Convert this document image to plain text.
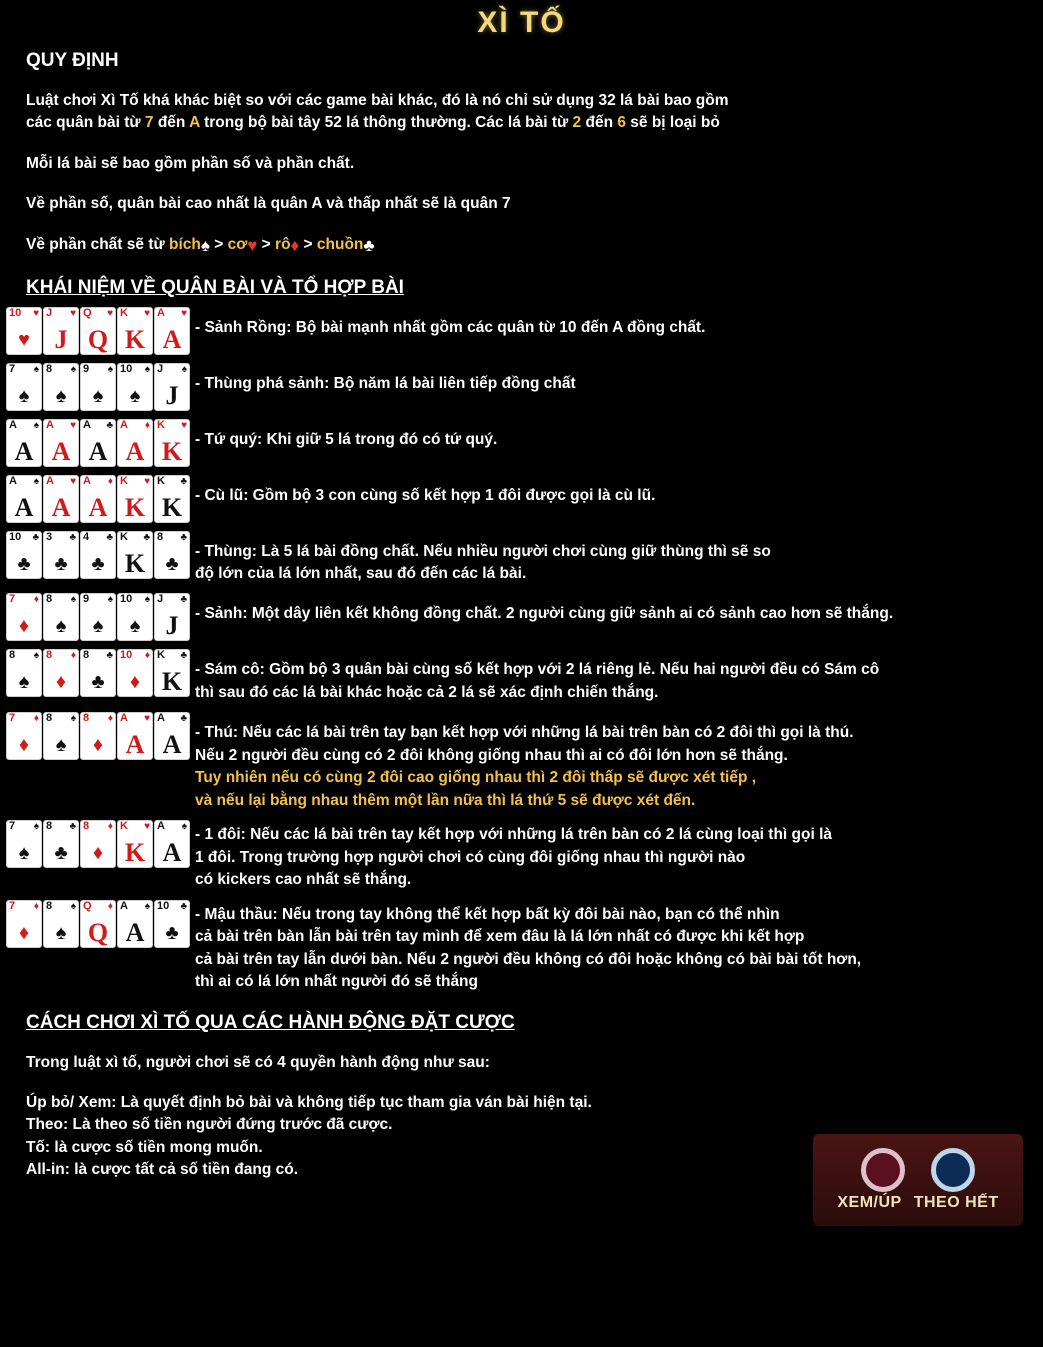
XÌ TỐ
QUY ĐỊNH
Luật chơi Xì Tố khá khác biệt so với các game bài khác, đó là nó chỉ sử dụng 32 lá bài bao gồm
các quân bài từ 7 đến A trong bộ bài tây 52 lá thông thường. Các lá bài từ 2 đến 6 sẽ bị loại bỏ
Mỗi lá bài sẽ bao gồm phần số và phần chất.
Về phần số, quân bài cao nhất là quân A và thấp nhất sẽ là quân 7
Về phần chất sẽ từ bích♠ > cơ♥ > rô♦ > chuồn♣
KHÁI NIỆM VỀ QUÂN BÀI VÀ TỔ HỢP BÀI
10 ♥
♥
J ♥
J
Q ♥
Q
K ♥
K
A ♥
A - Sảnh Rồng: Bộ bài mạnh nhất gồm các quân từ 10 đến A đồng chất.
7 ♠
♠
8 ♠
♠
9 ♠
♠
10 ♠
♠
J ♠
J	- Thùng phá sảnh: Bộ năm lá bài liên tiếp đồng chất
A ♠
A
A ♥
A
A ♣
A
A ♦
A
K ♥
K - Tứ quý: Khi giữ 5 lá trong đó có tứ quý.
A ♠
A
A ♥
A
A ♦
A
K ♥
K
K ♣
K - Cù lũ: Gồm bộ 3 con cùng số kết hợp 1 đôi được gọi là cù lũ.
10 ♣
♣
3 ♣
♣
4 ♣
♣
K ♣
K
8 ♣
♣
- Thùng: Là 5 lá bài đồng chất. Nếu nhiều người chơi cùng giữ thùng thì sẽ so
độ lớn của lá lớn nhất, sau đó đến các lá bài.
7 ♦
♦
8 ♠
♠
9 ♠
♠
10 ♠
♠
J ♣
J	- Sảnh: Một dây liên kết không đồng chất. 2 người cùng giữ sảnh ai có sảnh cao hơn sẽ thắng.
8 ♠
♠
8 ♦
♦
8 ♣
♣
10 ♦
♦
K ♣
K - Sám cô: Gồm bộ 3 quân bài cùng số kết hợp với 2 lá riêng lẻ. Nếu hai người đều có Sám cô
thì sau đó các lá bài khác hoặc cả 2 lá sẽ xác định chiến thắng.
7 ♦
♦
8 ♠
♠
8 ♦
♦
A ♥
A
A ♣
A - Thú: Nếu các lá bài trên tay bạn kết hợp với những lá bài trên bàn có 2 đôi thì gọi là thú.
Nếu 2 người đều cùng có 2 đôi không giống nhau thì ai có đôi lớn hơn sẽ thắng.
Tuy nhiên nếu có cùng 2 đôi cao giống nhau thì 2 đôi thấp sẽ được xét tiếp ,
và nếu lại bằng nhau thêm một lần nữa thì lá thứ 5 sẽ được xét đến.
7 ♠
♠
8 ♣
♣
8 ♦
♦
K ♥
K
A ♠
A
- 1 đôi: Nếu các lá bài trên tay kết hợp với những lá trên bàn có 2 lá cùng loại thì gọi là
1 đôi. Trong trường hợp người chơi có cùng đôi giống nhau thì người nào
có kickers cao nhất sẽ thắng.
7 ♦
♦
8 ♠
♠
Q ♦
Q
A ♠
A
10 ♣
♣
- Mậu thầu: Nếu trong tay không thể kết hợp bất kỳ đôi bài nào, bạn có thể nhìn
cả bài trên bàn lẫn bài trên tay mình để xem đâu là lá lớn nhất có được khi kết hợp
cả bài trên tay lẫn dưới bàn. Nếu 2 người đều không có đôi hoặc không có bài bài tốt hơn,
thì ai có lá lớn nhất người đó sẽ thắng
CÁCH CHƠI XÌ TỐ QUA CÁC HÀNH ĐỘNG ĐẶT CƯỢC
Trong luật xì tố, người chơi sẽ có 4 quyền hành động như sau:
Úp bỏ/ Xem: Là quyết định bỏ bài và không tiếp tục tham gia ván bài hiện tại.
Theo: Là theo số tiền người đứng trước đã cược.
Tố: là cược số tiền mong muốn.
All-in: là cược tất cả số tiền đang có.
XEM/ÚP THEO HẾT
